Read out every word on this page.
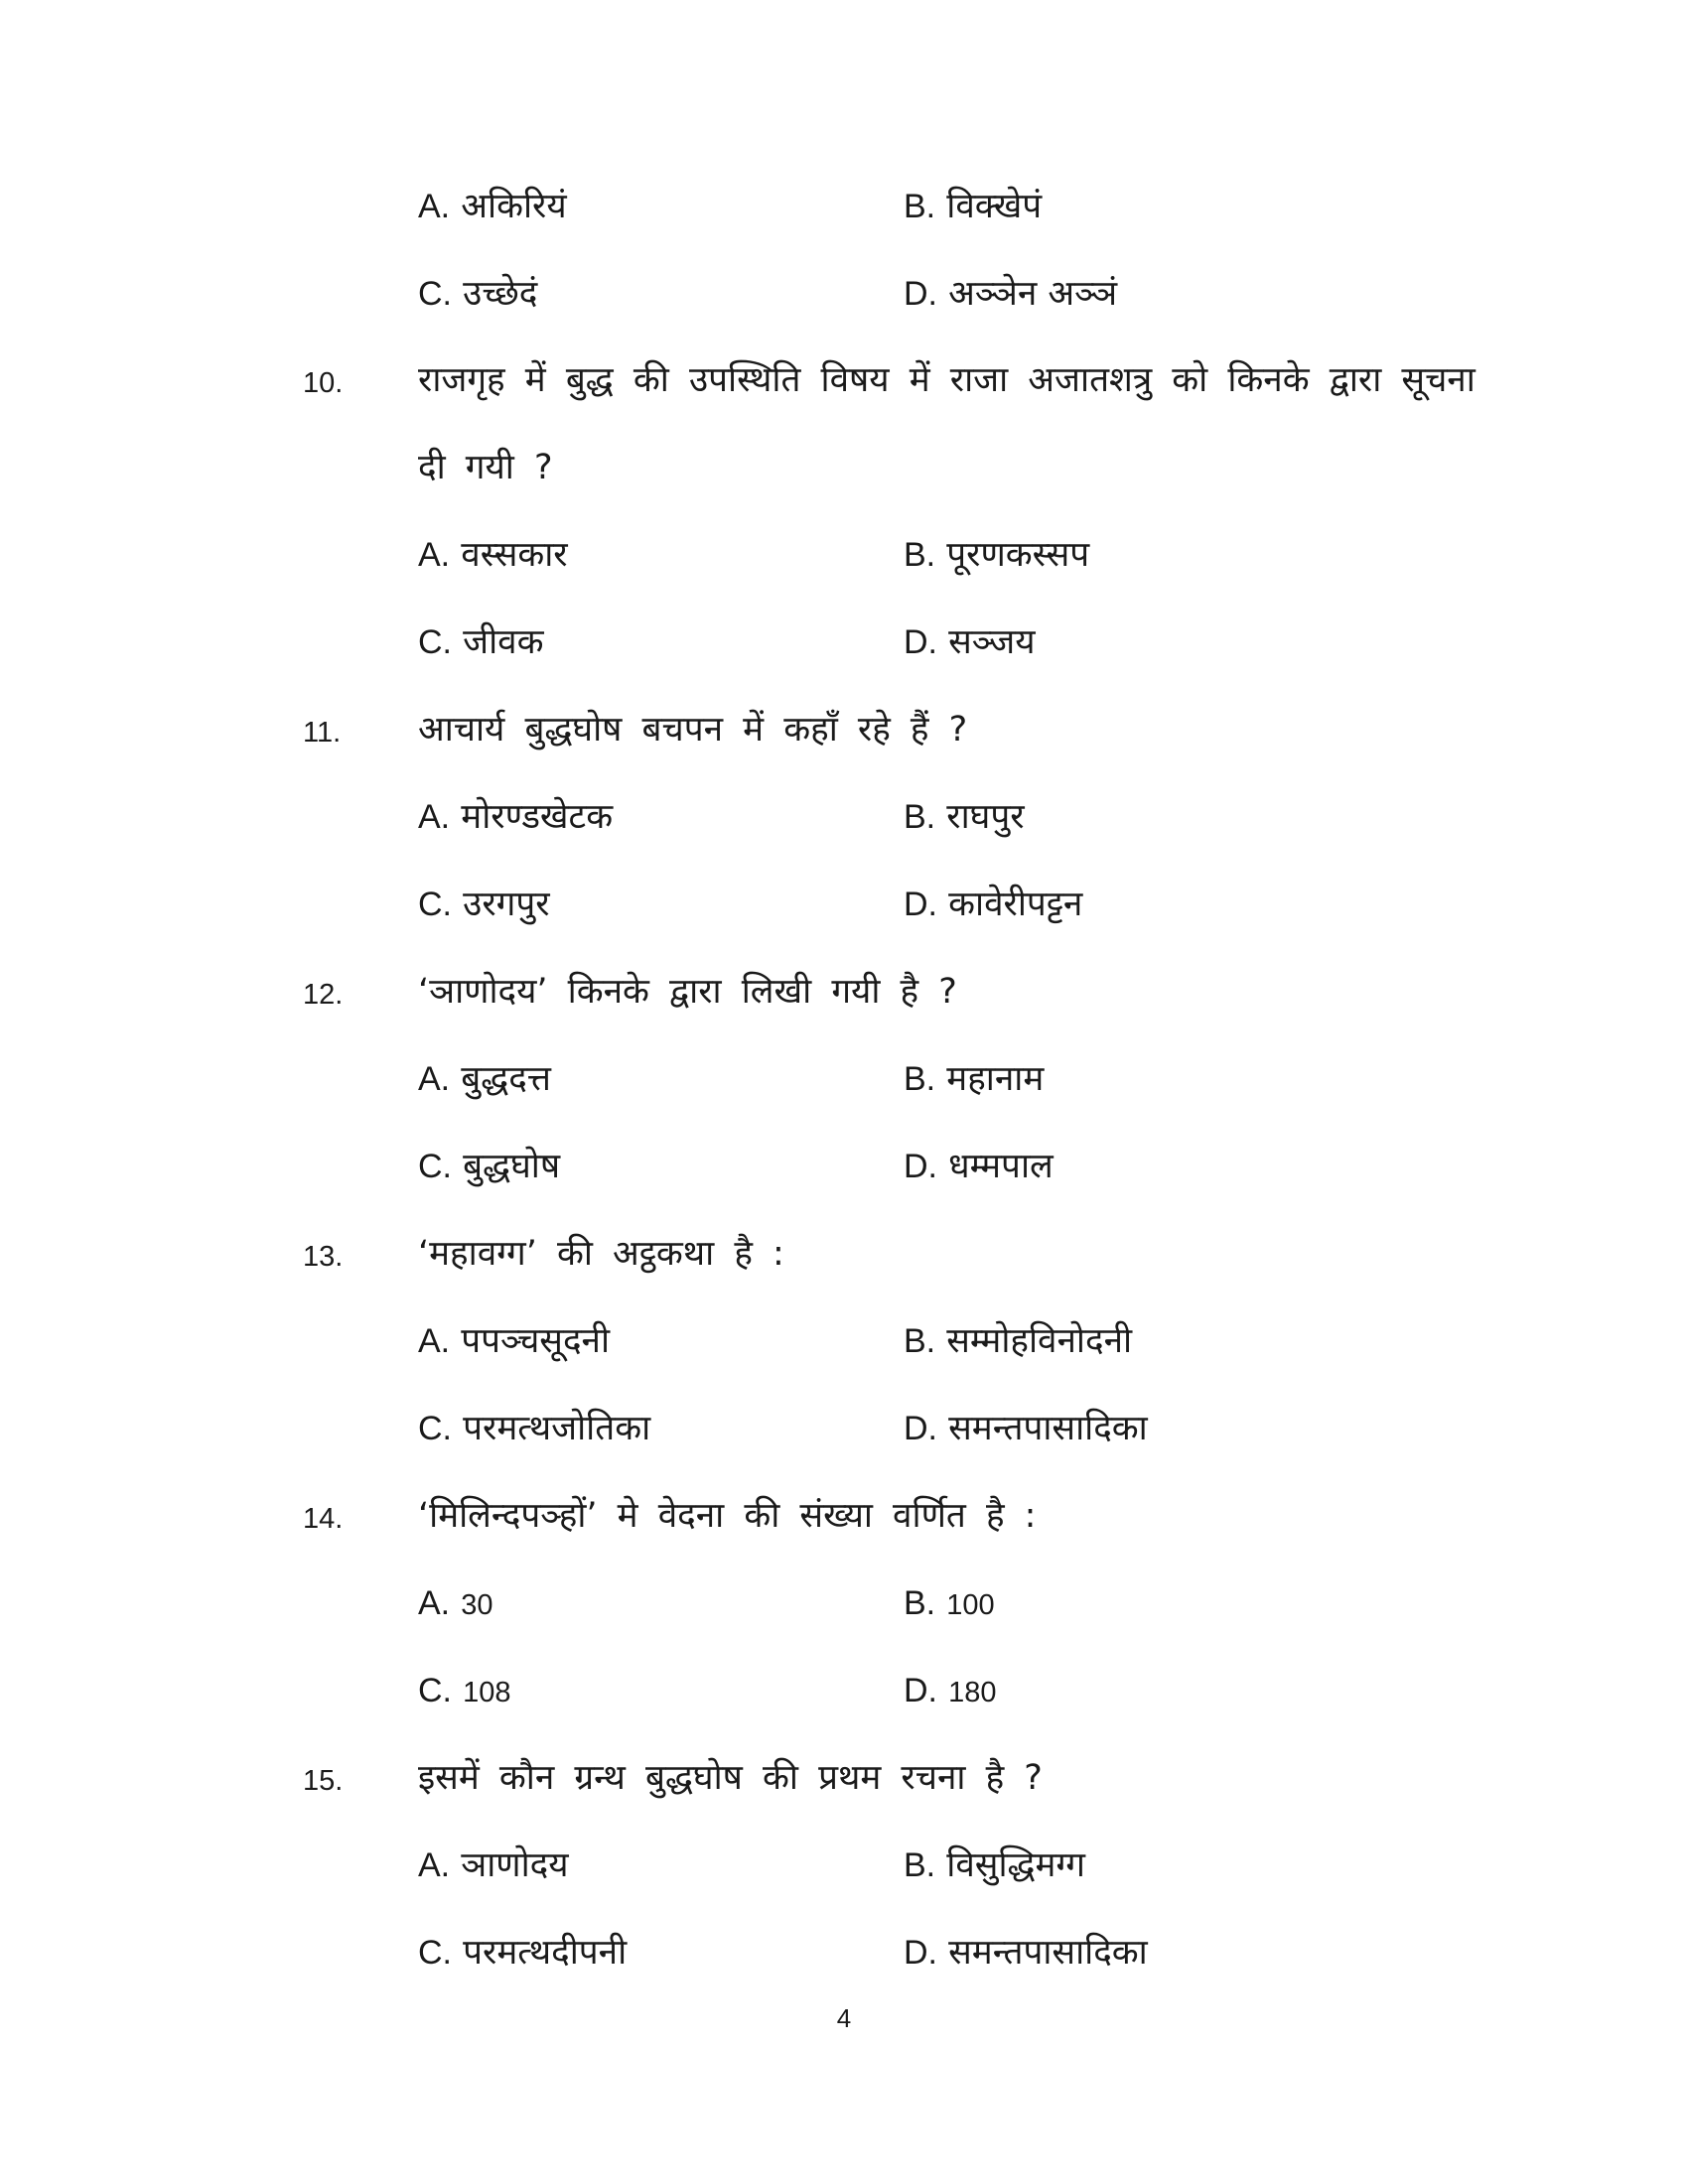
A. अकिरियं	B. विक्खेपं
C. उच्छेदं	D. अञ्ञेन अञ्ञं
10. राजगृह में बुद्ध की उपस्थिति विषय में राजा अजातशत्रु को किनके द्वारा सूचना
दी गयी ?
A. वस्सकार	B. पूरणकस्सप
C. जीवक	D. सञ्जय
11. आचार्य बुद्धघोष बचपन में कहाँ रहे हैं ?
A. मोरण्डखेटक	B. राघपुर
C. उरगपुर	D. कावेरीपट्टन
12. ‘ञाणोदय’ किनके द्वारा लिखी गयी है ?
A. बुद्धदत्त	B. महानाम
C. बुद्धघोष	D. धम्मपाल
13. ‘महावग्ग’ की अट्ठकथा है :
A. पपञ्चसूदनी	B. सम्मोहविनोदनी
C. परमत्थजोतिका	D. समन्तपासादिका
14. ‘मिलिन्दपञ्हों’ मे वेदना की संख्या वर्णित है :
A. 30	B. 100
C. 108	D. 180
15. इसमें कौन ग्रन्थ बुद्धघोष की प्रथम रचना है ?
A. ञाणोदय	B. विसुद्धिमग्ग
C. परमत्थदीपनी	D. समन्तपासादिका
4
